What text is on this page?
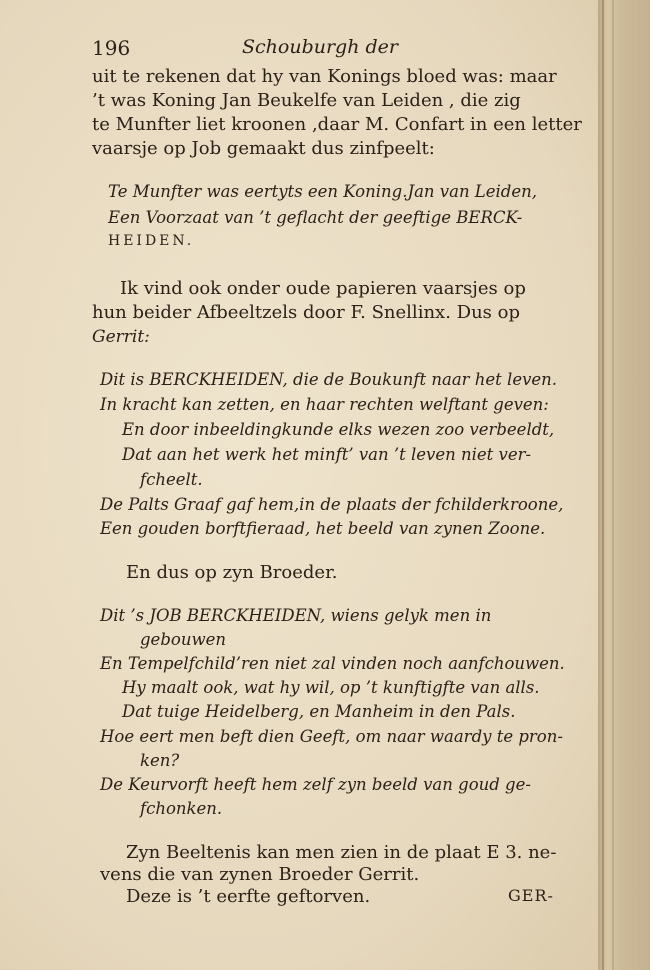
196	Schouburgh der
uit te rekenen dat hy van Konings bloed was: maar
’t was Koning Jan Beukelfe van Leiden , die zig
te Munfter liet kroonen ,daar M. Confart in een letter
vaarsje op Job gemaakt dus zinfpeelt:
Te Munfter was eertyts een Koning.Jan van Leiden,
Een Voorzaat van ’t geflacht der geeftige BERCK-
HEIDEN.
Ik vind ook onder oude papieren vaarsjes op
hun beider Afbeeltzels door F. Snellinx. Dus op
Gerrit:
Dit is BERCKHEIDEN, die de Boukunft naar het leven.
In kracht kan zetten, en haar rechten welftant geven:
En door inbeeldingkunde elks wezen zoo verbeeldt,
Dat aan het werk het minft’ van ’t leven niet ver-
fcheelt.
De Palts Graaf gaf hem,in de plaats der fchilderkroone,
Een gouden borftfieraad, het beeld van zynen Zoone.
En dus op zyn Broeder.
Dit ’s JOB BERCKHEIDEN, wiens gelyk men in
gebouwen
En Tempelfchild’ren niet zal vinden noch aanfchouwen.
Hy maalt ook, wat hy wil, op ’t kunftigfte van alls.
Dat tuige Heidelberg, en Manheim in den Pals.
Hoe eert men beft dien Geeft, om naar waardy te pron-
ken?
De Keurvorft heeft hem zelf zyn beeld van goud ge-
fchonken.
Zyn Beeltenis kan men zien in de plaat E 3. ne-
vens die van zynen Broeder Gerrit.
Deze is ’t eerfte geftorven.	GER-
